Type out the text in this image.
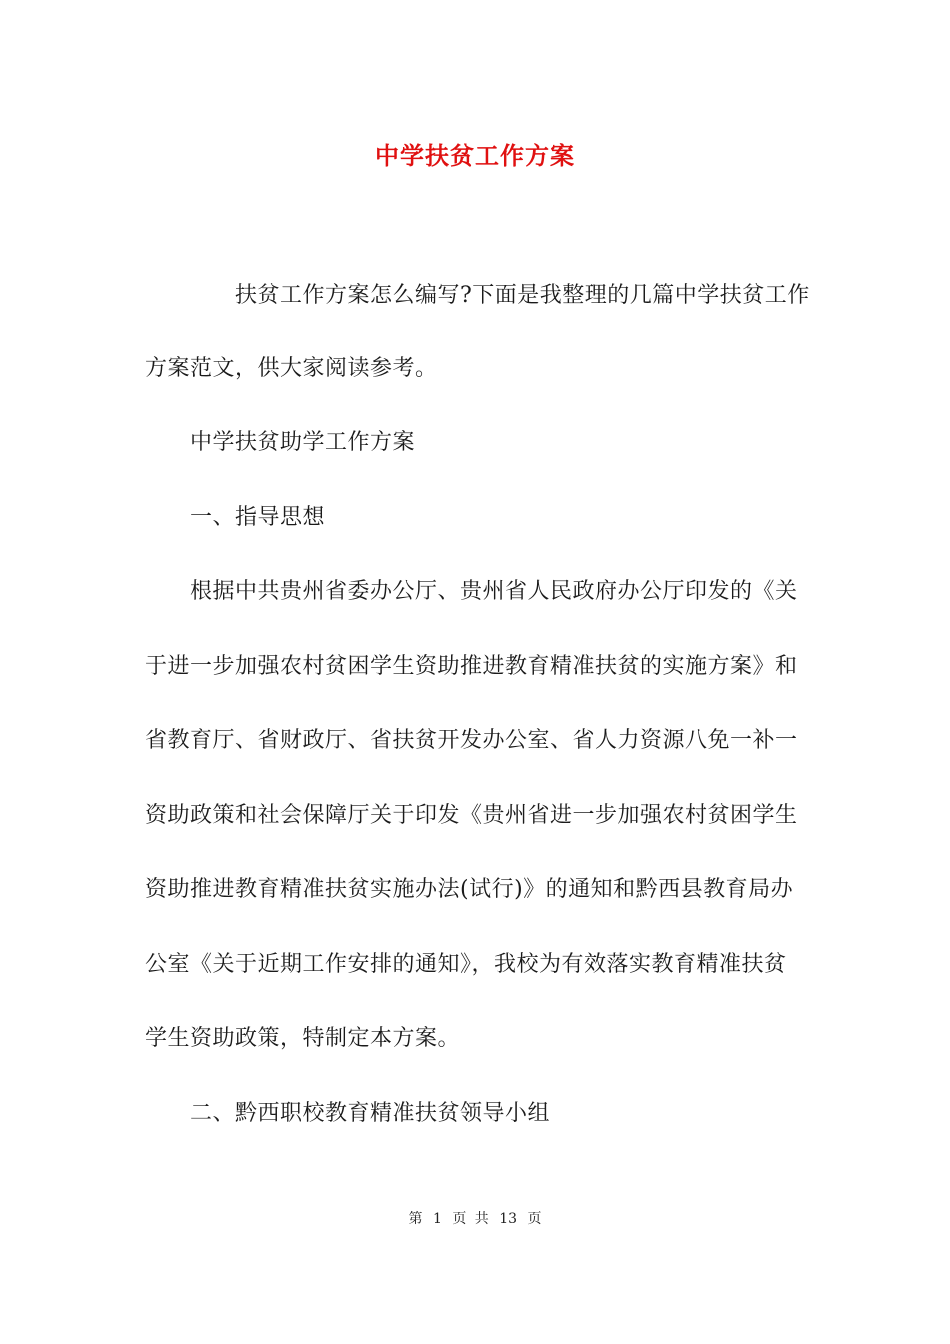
中学扶贫工作方案
扶贫工作方案怎么编写?下面是我整理的几篇中学扶贫工作
方案范文，供大家阅读参考。
中学扶贫助学工作方案
一、指导思想
根据中共贵州省委办公厅、贵州省人民政府办公厅印发的《关
于进一步加强农村贫困学生资助推进教育精准扶贫的实施方案》和
省教育厅、省财政厅、省扶贫开发办公室、省人力资源八免一补一
资助政策和社会保障厅关于印发《贵州省进一步加强农村贫困学生
资助推进教育精准扶贫实施办法(试行)》的通知和黔西县教育局办
公室《关于近期工作安排的通知》，我校为有效落实教育精准扶贫
学生资助政策，特制定本方案。
二、黔西职校教育精准扶贫领导小组
第 1 页 共 13 页
